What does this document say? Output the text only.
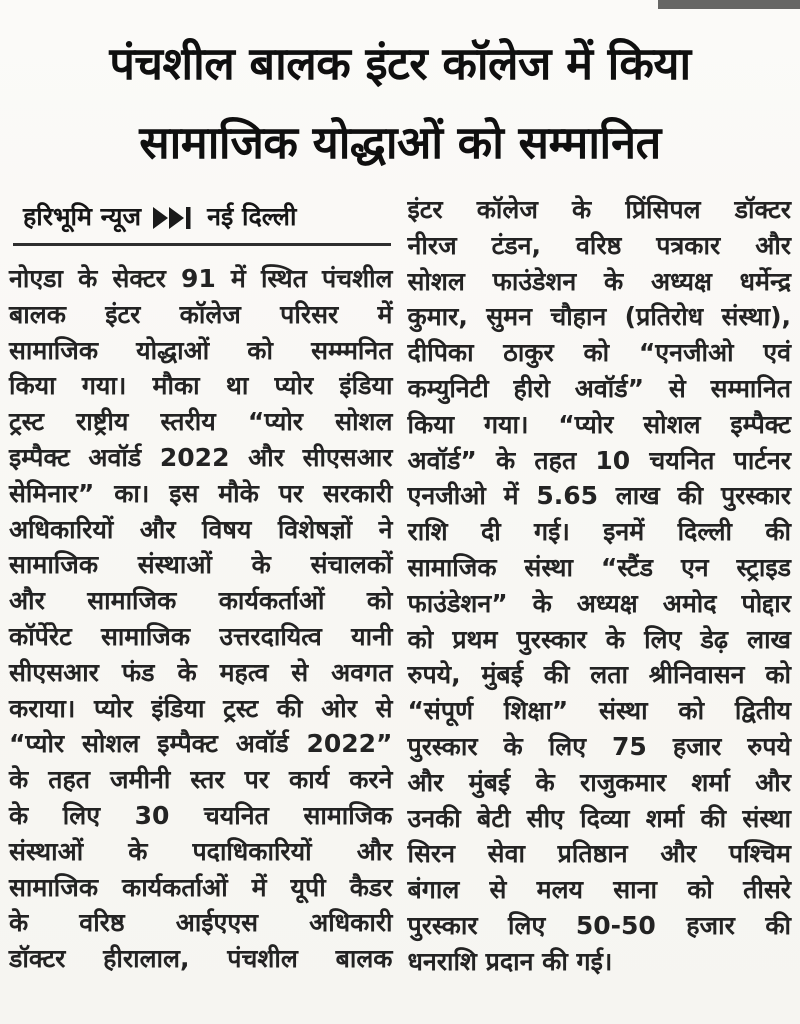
पंचशील बालक इंटर कॉलेज में किया
सामाजिक योद्धाओं को सम्मानित
हरिभूमि न्यूज	नई दिल्ली
नोएडा के सेक्टर 91 में स्थित पंचशील
बालक इंटर कॉलेज परिसर में
सामाजिक योद्धाओं को सम्म्मनित
किया गया। मौका था प्योर इंडिया
ट्रस्ट राष्ट्रीय स्तरीय “प्योर सोशल
इम्पैक्ट अवॉर्ड 2022 और सीएसआर
सेमिनार” का। इस मौके पर सरकारी
अधिकारियों और विषय विशेषज्ञों ने
सामाजिक संस्थाओं के संचालकों
और सामाजिक कार्यकर्ताओं को
कॉर्पेरेट सामाजिक उत्तरदायित्व यानी
सीएसआर फंड के महत्व से अवगत
कराया। प्योर इंडिया ट्रस्ट की ओर से
“प्योर सोशल इम्पैक्ट अवॉर्ड 2022”
के तहत जमीनी स्तर पर कार्य करने
के लिए 30 चयनित सामाजिक
संस्थाओं के पदाधिकारियों और
सामाजिक कार्यकर्ताओं में यूपी कैडर
के वरिष्ठ आईएएस अधिकारी
डॉक्टर हीरालाल, पंचशील बालक
इंटर कॉलेज के प्रिंसिपल डॉक्टर
नीरज टंडन, वरिष्ठ पत्रकार और
सोशल फाउंडेशन के अध्यक्ष धर्मेन्द्र
कुमार, सुमन चौहान (प्रतिरोध संस्था),
दीपिका ठाकुर को “एनजीओ एवं
कम्युनिटी हीरो अवॉर्ड” से सम्मानित
किया गया। “प्योर सोशल इम्पैक्ट
अवॉर्ड” के तहत 10 चयनित पार्टनर
एनजीओ में 5.65 लाख की पुरस्कार
राशि दी गई। इनमें दिल्ली की
सामाजिक संस्था “स्टैंड एन स्ट्राइड
फाउंडेशन” के अध्यक्ष अमोद पोद्दार
को प्रथम पुरस्कार के लिए डेढ़ लाख
रुपये, मुंबई की लता श्रीनिवासन को
“संपूर्ण शिक्षा” संस्था को द्वितीय
पुरस्कार के लिए 75 हजार रुपये
और मुंबई के राजुकमार शर्मा और
उनकी बेटी सीए दिव्या शर्मा की संस्था
सिरन सेवा प्रतिष्ठान और पश्चिम
बंगाल से मलय साना को तीसरे
पुरस्कार लिए 50-50 हजार की
धनराशि प्रदान की गई।
